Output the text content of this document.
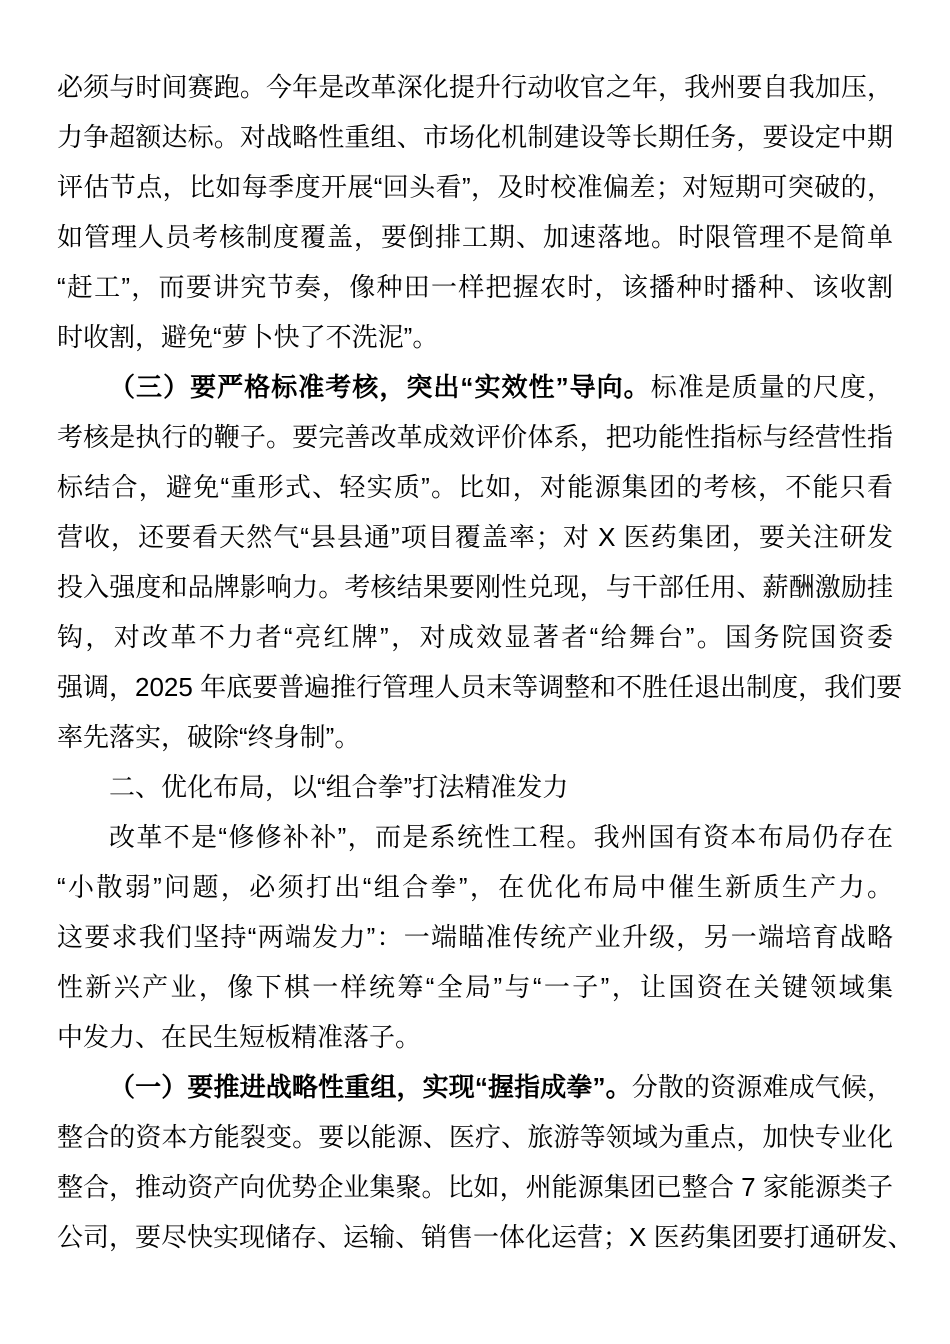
必须与时间赛跑。今年是改革深化提升行动收官之年，我州要自我加压，
力争超额达标。对战略性重组、市场化机制建设等长期任务，要设定中期
评估节点，比如每季度开展“回头看”，及时校准偏差；对短期可突破的，
如管理人员考核制度覆盖，要倒排工期、加速落地。时限管理不是简单
“赶工”，而要讲究节奏，像种田一样把握农时，该播种时播种、该收割
时收割，避免“萝卜快了不洗泥”。
（三）要严格标准考核，突出“实效性”导向。标准是质量的尺度，
考核是执行的鞭子。要完善改革成效评价体系，把功能性指标与经营性指
标结合，避免“重形式、轻实质”。比如，对能源集团的考核，不能只看
营收，还要看天然气“县县通”项目覆盖率；对 X 医药集团，要关注研发
投入强度和品牌影响力。考核结果要刚性兑现，与干部任用、薪酬激励挂
钩，对改革不力者“亮红牌”，对成效显著者“给舞台”。国务院国资委
强调，2025 年底要普遍推行管理人员末等调整和不胜任退出制度，我们要
率先落实，破除“终身制”。
二、优化布局，以“组合拳”打法精准发力
改革不是“修修补补”，而是系统性工程。我州国有资本布局仍存在
“小散弱”问题，必须打出“组合拳”，在优化布局中催生新质生产力。
这要求我们坚持“两端发力”：一端瞄准传统产业升级，另一端培育战略
性新兴产业，像下棋一样统筹“全局”与“一子”，让国资在关键领域集
中发力、在民生短板精准落子。
（一）要推进战略性重组，实现“握指成拳”。分散的资源难成气候，
整合的资本方能裂变。要以能源、医疗、旅游等领域为重点，加快专业化
整合，推动资产向优势企业集聚。比如，州能源集团已整合 7 家能源类子
公司，要尽快实现储存、运输、销售一体化运营；X 医药集团要打通研发、
